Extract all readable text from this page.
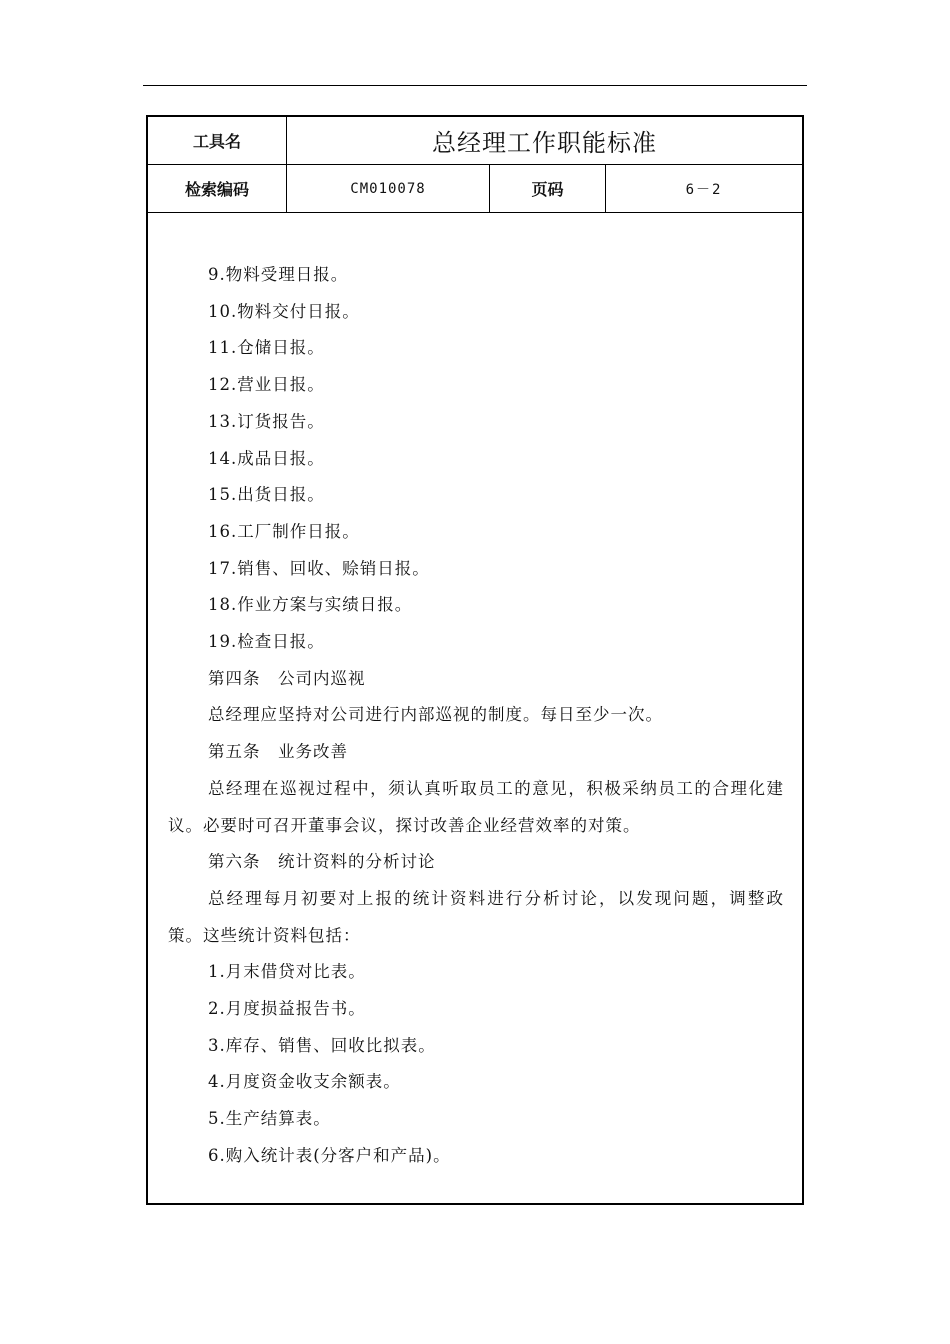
工具名	总经理工作职能标准
检索编码	CM010078	页码	6－2

9.物料受理日报。

10.物料交付日报。

11.仓储日报。

12.营业日报。

13.订货报告。

14.成品日报。

15.出货日报。

16.工厂制作日报。

17.销售、回收、赊销日报。

18.作业方案与实绩日报。

19.检查日报。

第四条　公司内巡视

总经理应坚持对公司进行内部巡视的制度。每日至少一次。

第五条　业务改善

总经理在巡视过程中，须认真听取员工的意见，积极采纳员工的合理化建议。必要时可召开董事会议，探讨改善企业经营效率的对策。

第六条　统计资料的分析讨论

总经理每月初要对上报的统计资料进行分析讨论，以发现问题，调整政策。这些统计资料包括：

1.月末借贷对比表。

2.月度损益报告书。

3.库存、销售、回收比拟表。

4.月度资金收支余额表。

5.生产结算表。

6.购入统计表(分客户和产品)。
